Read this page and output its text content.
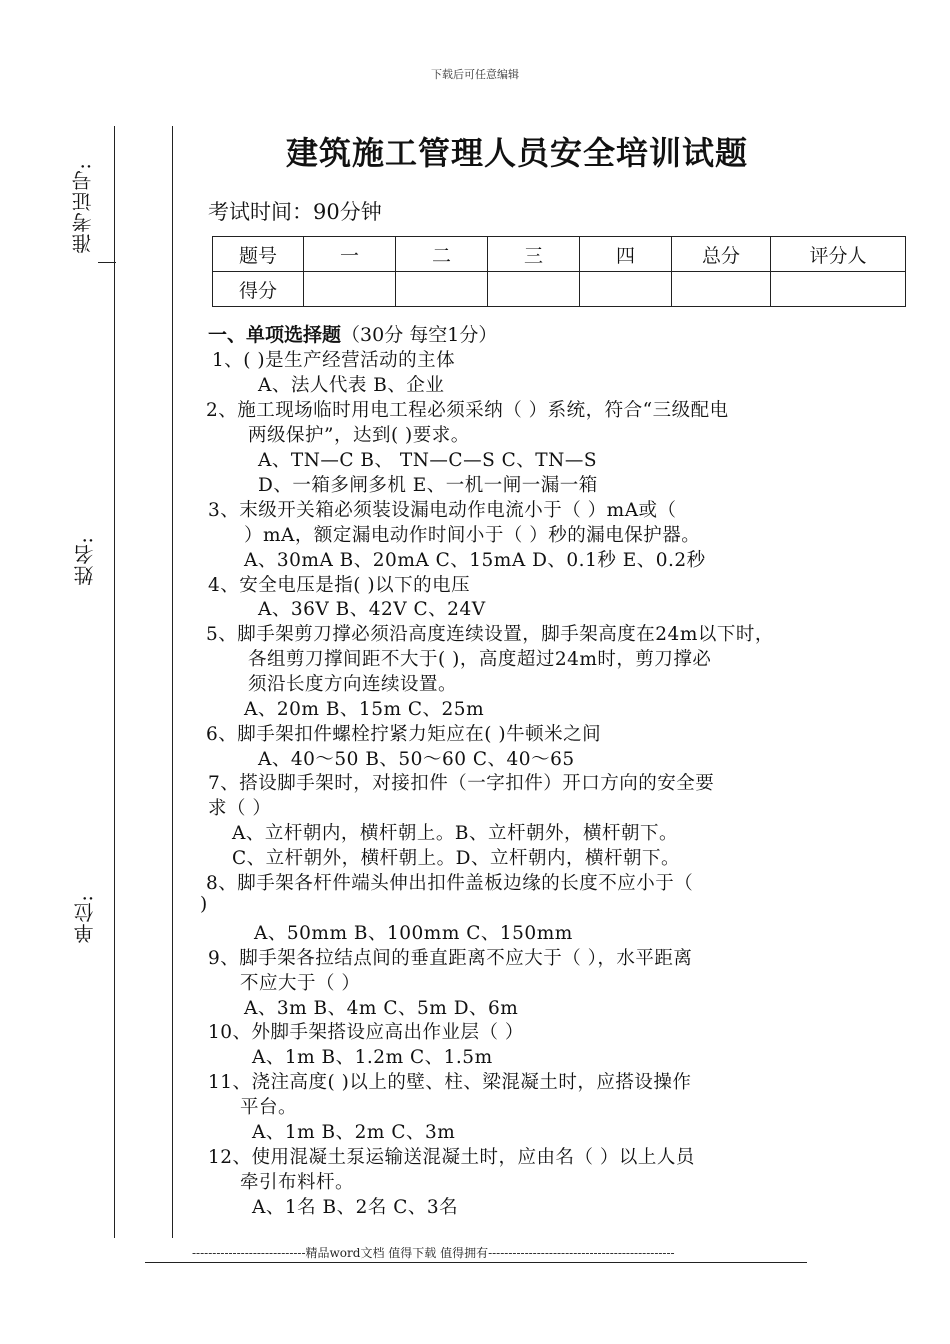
下载后可任意编辑
准考证号:
姓名:
单位:
建筑施工管理人员安全培训试题
考试时间：90分钟
题号	一	二	三	四	总分	评分人
得分						
一、单项选择题（30分 每空1分）
1、( )是生产经营活动的主体
A、法人代表 B、企业
2、施工现场临时用电工程必须采纳（ ）系统，符合“三级配电
两级保护”，达到( )要求。
A、TN—C B、 TN—C—S C、TN—S
D、一箱多闸多机 E、一机一闸一漏一箱
3、末级开关箱必须装设漏电动作电流小于（ ）mA或（
）mA，额定漏电动作时间小于（ ）秒的漏电保护器。
A、30mA B、20mA C、15mA D、0.1秒 E、0.2秒
4、安全电压是指( )以下的电压
A、36V B、42V C、24V
5、脚手架剪刀撑必须沿高度连续设置，脚手架高度在24m以下时，
各组剪刀撑间距不大于( )，高度超过24m时，剪刀撑必
须沿长度方向连续设置。
A、20m B、15m C、25m
6、脚手架扣件螺栓拧紧力矩应在( )牛顿米之间
A、40～50 B、50～60 C、40～65
7、搭设脚手架时，对接扣件（一字扣件）开口方向的安全要
求（ ）
A、立杆朝内，横杆朝上。B、立杆朝外，横杆朝下。
C、立杆朝外，横杆朝上。D、立杆朝内，横杆朝下。
8、脚手架各杆件端头伸出扣件盖板边缘的长度不应小于（
)
A、50mm B、100mm C、150mm
9、脚手架各拉结点间的垂直距离不应大于（ ），水平距离
不应大于（ ）
A、3m B、4m C、5m D、6m
10、外脚手架搭设应高出作业层（ ）
A、1m B、1.2m C、1.5m
11、浇注高度( )以上的壁、柱、梁混凝土时，应搭设操作
平台。
A、1m B、2m C、3m
12、使用混凝土泵运输送混凝土时，应由名（ ）以上人员
牵引布料杆。
A、1名 B、2名 C、3名
----------------------------精品word文档 值得下载 值得拥有----------------------------------------------
